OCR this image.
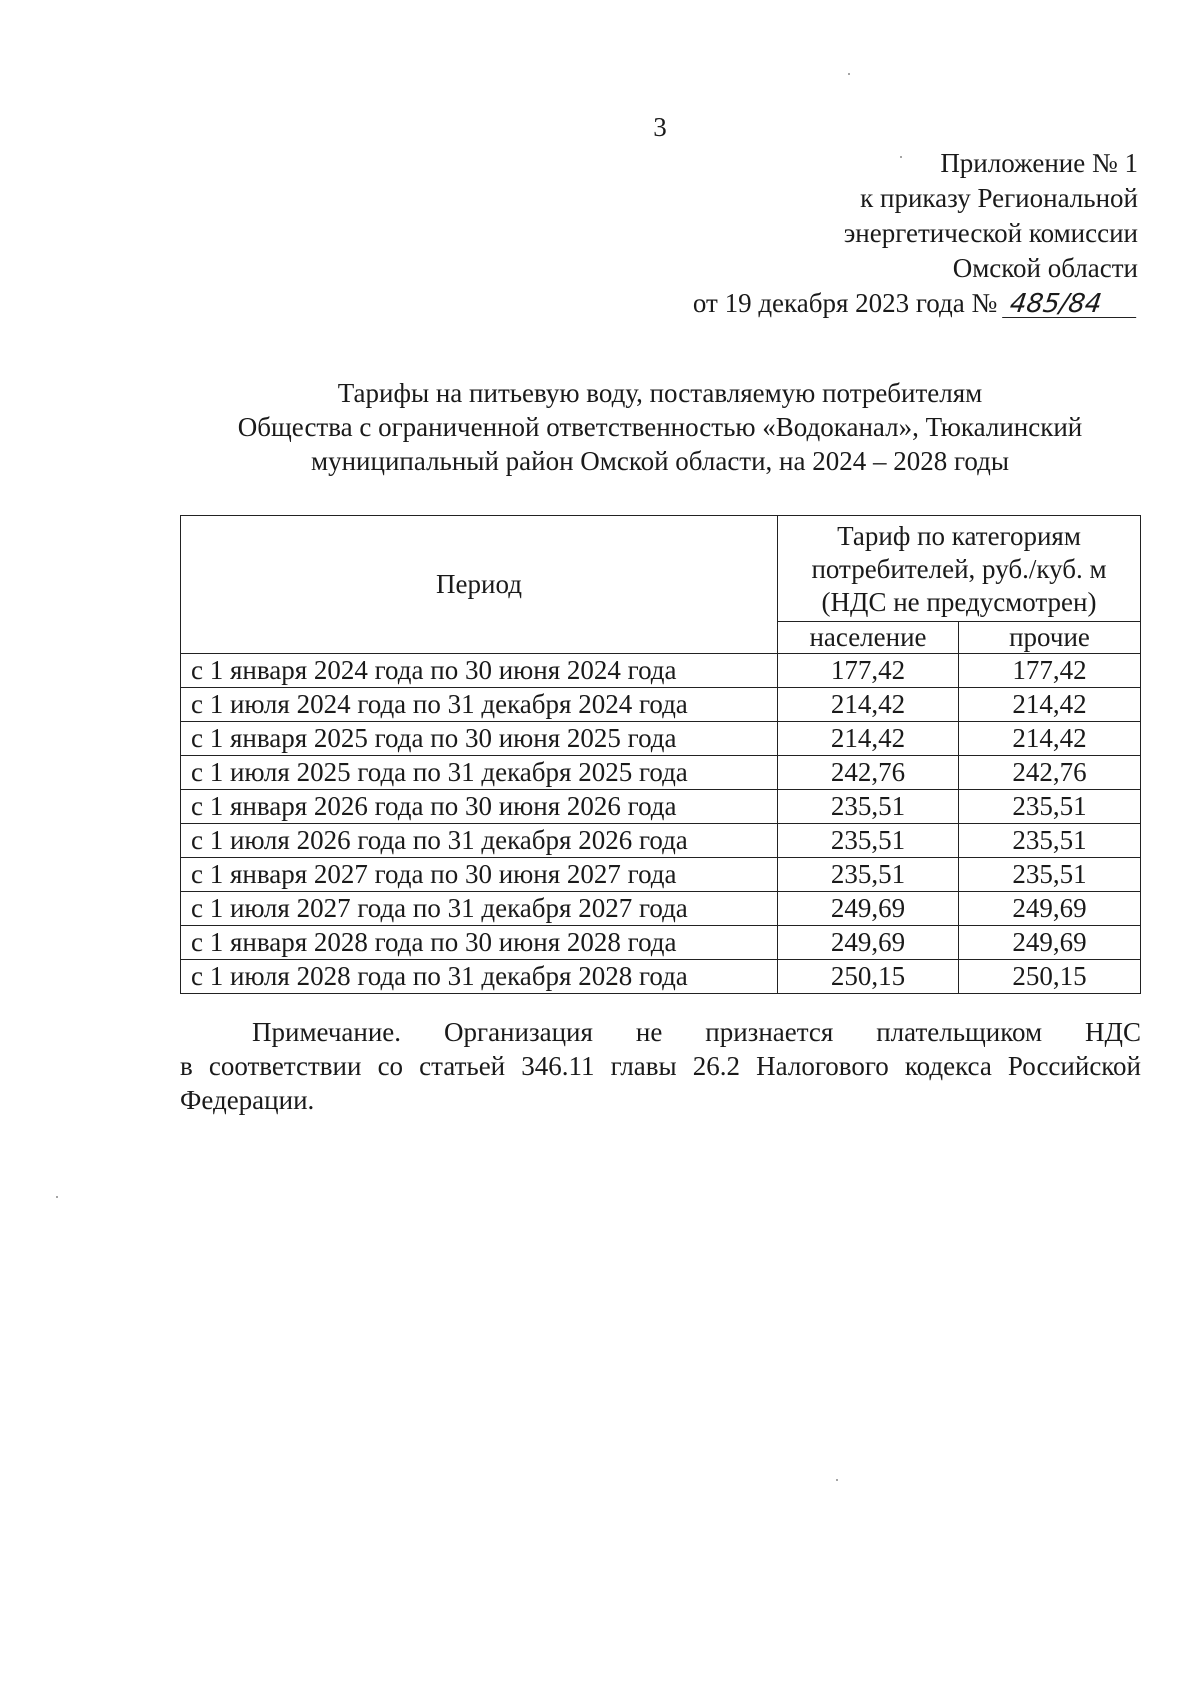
3
Приложение № 1
к приказу Региональной
энергетической комиссии
Омской области
от 19 декабря 2023 года № 485/84
Тарифы на питьевую воду, поставляемую потребителям
Общества с ограниченной ответственностью «Водоканал», Тюкалинский
муниципальный район Омской области, на 2024 – 2028 годы
Период	Тариф по категориям
потребителей, руб./куб. м
(НДС не предусмотрен)	

	население	прочие
с 1 января 2024 года по 30 июня 2024 года	177,42	177,42
с 1 июля 2024 года по 31 декабря 2024 года	214,42	214,42
с 1 января 2025 года по 30 июня 2025 года	214,42	214,42
с 1 июля 2025 года по 31 декабря 2025 года	242,76	242,76
с 1 января 2026 года по 30 июня 2026 года	235,51	235,51
с 1 июля 2026 года по 31 декабря 2026 года	235,51	235,51
с 1 января 2027 года по 30 июня 2027 года	235,51	235,51
с 1 июля 2027 года по 31 декабря 2027 года	249,69	249,69
с 1 января 2028 года по 30 июня 2028 года	249,69	249,69
с 1 июля 2028 года по 31 декабря 2028 года	250,15	250,15
Примечание. Организация не признается плательщиком НДС
в соответствии со статьей 346.11 главы 26.2 Налогового кодекса Российской Федерации.
